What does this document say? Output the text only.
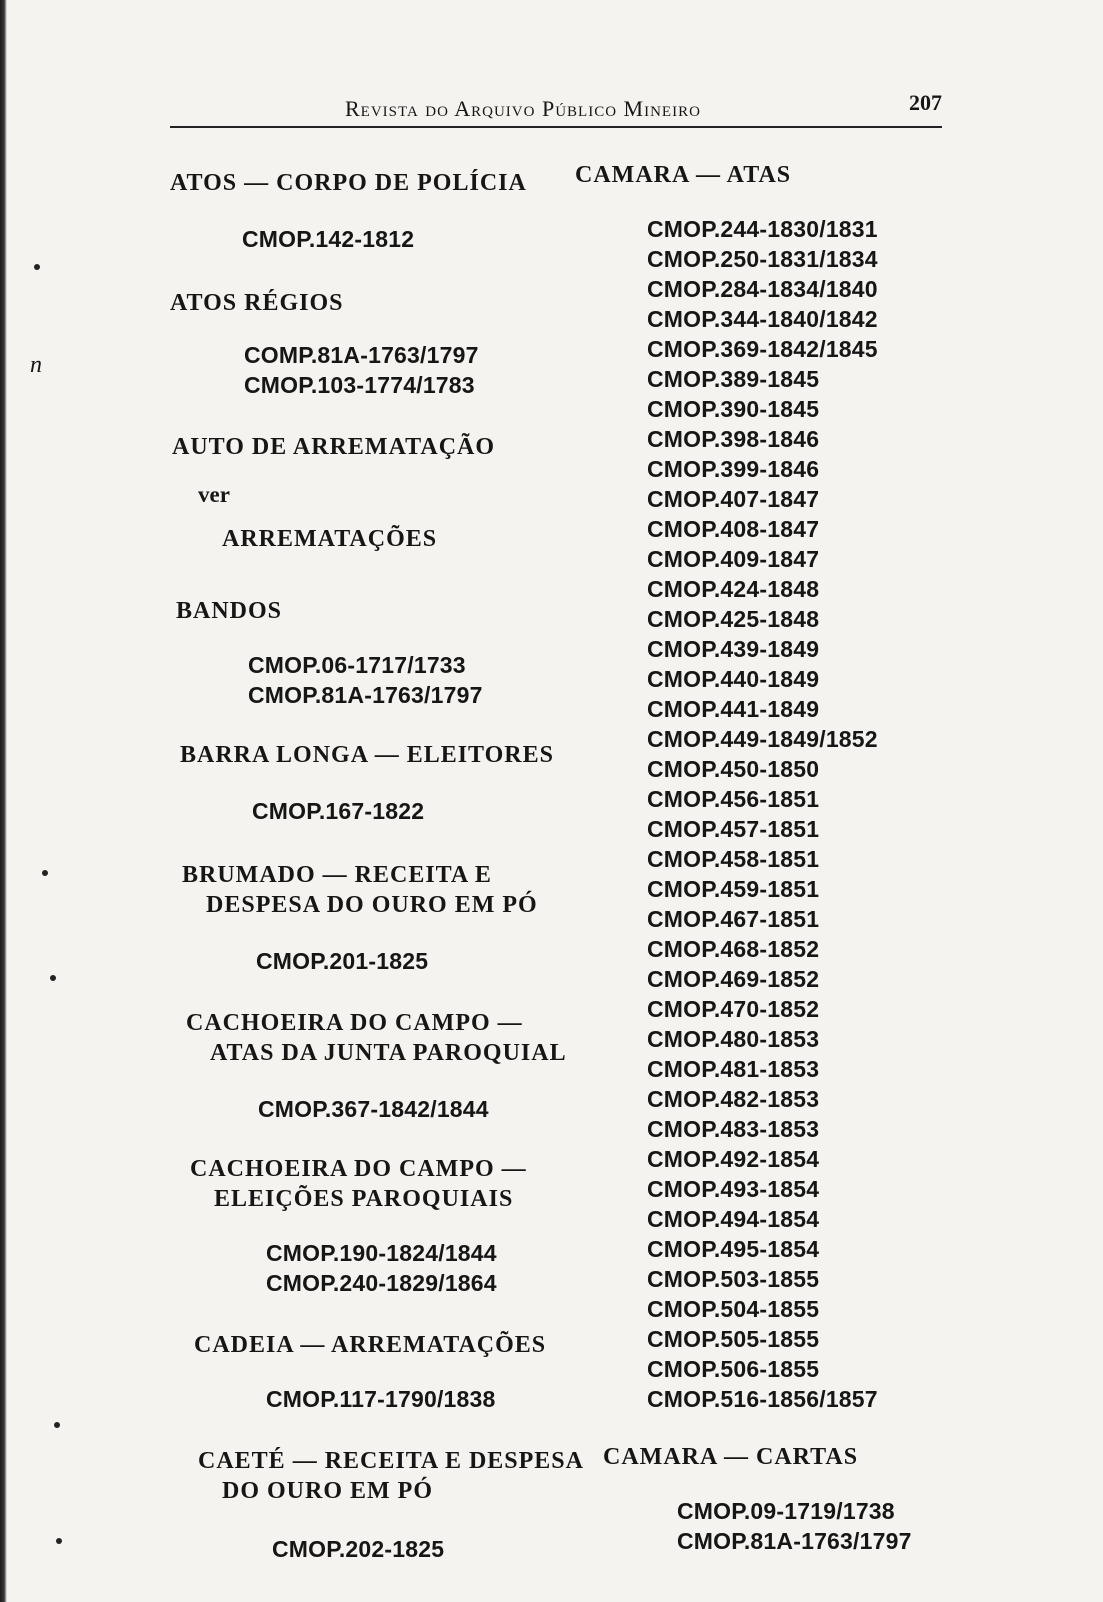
n
Revista do Arquivo Público Mineiro	207
ATOS — CORPO DE POLÍCIA
CMOP.142-1812
ATOS RÉGIOS
COMP.81A-1763/1797
CMOP.103-1774/1783
AUTO DE ARREMATAÇÃO
ver
ARREMATAÇÕES
BANDOS
CMOP.06-1717/1733
CMOP.81A-1763/1797
BARRA LONGA — ELEITORES
CMOP.167-1822
BRUMADO — RECEITA E
DESPESA DO OURO EM PÓ
CMOP.201-1825
CACHOEIRA DO CAMPO —
ATAS DA JUNTA PAROQUIAL
CMOP.367-1842/1844
CACHOEIRA DO CAMPO —
ELEIÇÕES PAROQUIAIS
CMOP.190-1824/1844
CMOP.240-1829/1864
CADEIA — ARREMATAÇÕES
CMOP.117-1790/1838
CAETÉ — RECEITA E DESPESA
DO OURO EM PÓ
CMOP.202-1825
CAMARA — ATAS
CMOP.244-1830/1831
CMOP.250-1831/1834
CMOP.284-1834/1840
CMOP.344-1840/1842
CMOP.369-1842/1845
CMOP.389-1845
CMOP.390-1845
CMOP.398-1846
CMOP.399-1846
CMOP.407-1847
CMOP.408-1847
CMOP.409-1847
CMOP.424-1848
CMOP.425-1848
CMOP.439-1849
CMOP.440-1849
CMOP.441-1849
CMOP.449-1849/1852
CMOP.450-1850
CMOP.456-1851
CMOP.457-1851
CMOP.458-1851
CMOP.459-1851
CMOP.467-1851
CMOP.468-1852
CMOP.469-1852
CMOP.470-1852
CMOP.480-1853
CMOP.481-1853
CMOP.482-1853
CMOP.483-1853
CMOP.492-1854
CMOP.493-1854
CMOP.494-1854
CMOP.495-1854
CMOP.503-1855
CMOP.504-1855
CMOP.505-1855
CMOP.506-1855
CMOP.516-1856/1857
CAMARA — CARTAS
CMOP.09-1719/1738
CMOP.81A-1763/1797
